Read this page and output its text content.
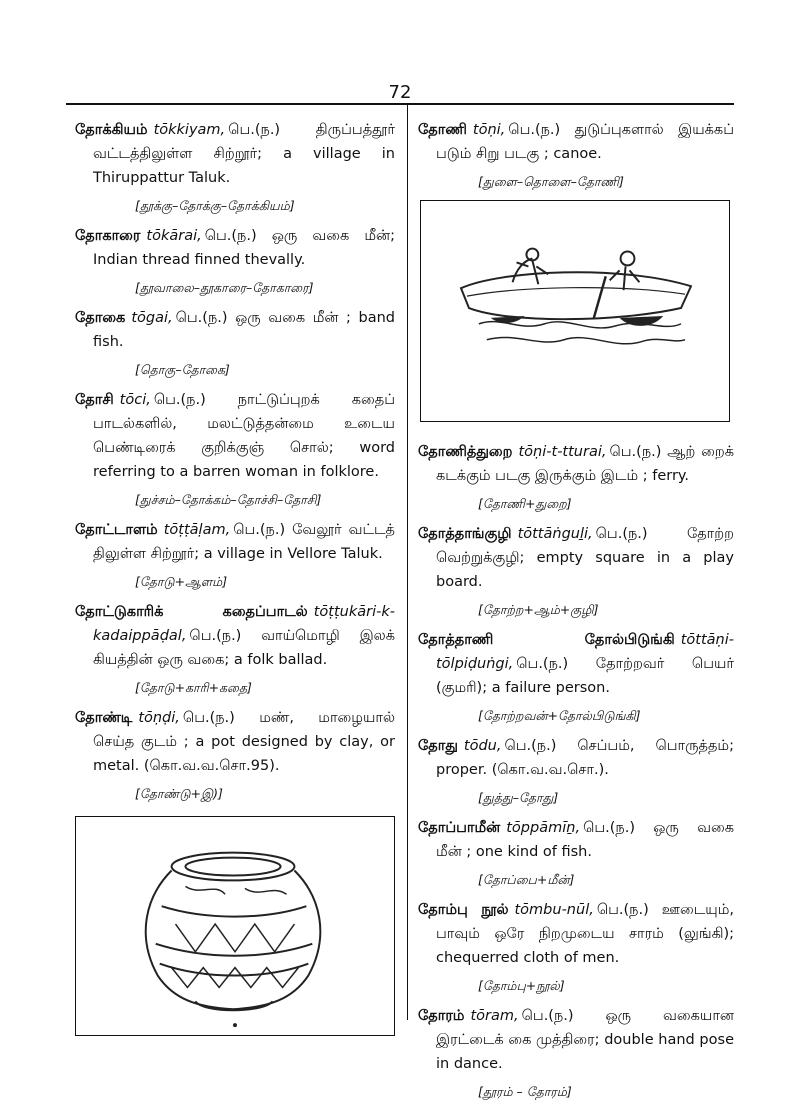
72

தோக்கியம் tōkkiyam, பெ.(ந.) திருப்பத்தூர் வட்டத்திலுள்ள சிற்றூர்; a village in Thiruppattur Taluk.

[தூக்கு–தோக்கு–தோக்கியம்]

தோகாரை tōkārai, பெ.(ந.) ஒரு வகை மீன்; Indian thread finned thevally.

[தூவாலை–தூகாரை–தோகாரை]

தோகை tōgai, பெ.(ந.) ஒரு வகை மீன் ; band fish.

[தொகு–தோகை]

தோசி tōci, பெ.(ந.) நாட்டுப்புறக் கதைப் பாடல்களில், மலட்டுத்தன்மை உடைய பெண்டிரைக் குறிக்குஞ் சொல்; word referring to a barren woman in folklore.

[துச்சம்–தோக்கம்–தோச்சி–தோசி]

தோட்டாளம் tōṭṭāḷam, பெ.(ந.) வேலூர் வட்டத் திலுள்ள சிற்றூர்; a village in Vellore Taluk.

[தோடு+ஆளம்]

தோட்டுகாரிக் கதைப்பாடல் tōṭṭukāri-k-kadaippāḍal, பெ.(ந.) வாய்மொழி இலக் கியத்தின் ஒரு வகை; a folk ballad.

[தோடு+காரி+கதை]

தோண்டி tōṇḍi, பெ.(ந.) மண், மாழையால் செய்த குடம் ; a pot designed by clay, or metal. (கொ.வ.வ.சொ.95).

[தோண்டு+இ)]

தோணி tōṇi, பெ.(ந.) துடுப்புகளால் இயக்கப் படும் சிறு படகு ; canoe.

[துளை–தொளை–தோணி]

தோணித்துறை tōṇi-t-tturai, பெ.(ந.) ஆற் றைக் கடக்கும் படகு இருக்கும் இடம் ; ferry.

[தோணி+துறை]

தோத்தாங்குழி tōttāṅguḻi, பெ.(ந.) தோற்ற வெற்றுக்குழி; empty square in a play board.

[தோற்ற+ஆம்+குழி]

தோத்தாணி தோல்பிடுங்கி tōttāṇi-tōlpiḍuṅgi, பெ.(ந.) தோற்றவர் பெயர் (குமரி); a failure person.

[தோற்றவன்+தோல்பிடுங்கி]

தோது tōdu, பெ.(ந.) செப்பம், பொருத்தம்; proper. (கொ.வ.வ.சொ.).

[துத்து–தோது]

தோப்பாமீன் tōppāmīṉ, பெ.(ந.) ஒரு வகை மீன் ; one kind of fish.

[தோப்பை+மீன்]

தோம்பு நூல் tōmbu-nūl, பெ.(ந.) ஊடையும், பாவும் ஒரே நிறமுடைய சாரம் (லுங்கி); chequerred cloth of men.

[தோம்பு+நூல்]

தோரம் tōram, பெ.(ந.) ஒரு வகையான இரட்டைக் கை முத்திரை; double hand pose in dance.

[தூரம் – தோரம்]
